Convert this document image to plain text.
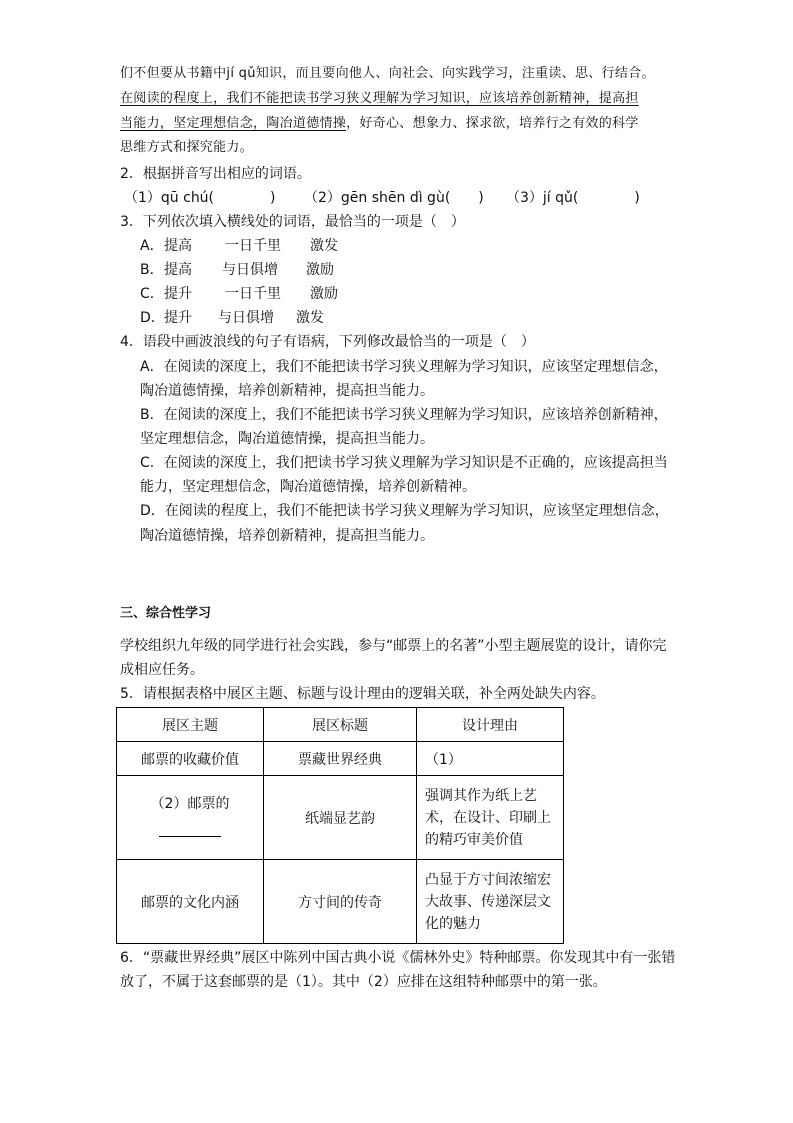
们不但要从书籍中jí qǔ知识，而且要向他人、向社会、向实践学习，注重读、思、行结合。
在阅读的程度上，我们不能把读书学习狭义理解为学习知识，应该培养创新精神，提高担
当能力，坚定理想信念，陶冶道德情操，好奇心、想象力、探求欲，培养行之有效的科学
思维方式和探究能力。
2．根据拼音写出相应的词语。
（1）qū chú(　　　　) （2）gēn shēn dì gù(　　) （3）jí qǔ(　　　　)
3．下列依次填入横线处的词语，最恰当的一项是（　）
A． 提高 一日千里 激发
B． 提高 与日俱增 激励
C． 提升 一日千里 激励
D． 提升 与日俱增 激发
4．语段中画波浪线的句子有语病，下列修改最恰当的一项是（　）
A．在阅读的深度上，我们不能把读书学习狭义理解为学习知识，应该坚定理想信念，
陶冶道德情操，培养创新精神，提高担当能力。
B．在阅读的深度上，我们不能把读书学习狭义理解为学习知识，应该培养创新精神，
坚定理想信念，陶冶道德情操，提高担当能力。
C．在阅读的深度上，我们把读书学习狭义理解为学习知识是不正确的，应该提高担当
能力，坚定理想信念，陶冶道德情操，培养创新精神。
D．在阅读的程度上，我们不能把读书学习狭义理解为学习知识，应该坚定理想信念，
陶冶道德情操，培养创新精神，提高担当能力。
三、综合性学习
学校组织九年级的同学进行社会实践，参与“邮票上的名著”小型主题展览的设计，请你完
成相应任务。
5．请根据表格中展区主题、标题与设计理由的逻辑关联，补全两处缺失内容。
展区主题	展区标题	设计理由
邮票的收藏价值	票藏世界经典	（1）

（2）邮票的	纸端显艺韵	强调其作为纸上艺
术，在设计、印刷上
的精巧审美价值

邮票的文化内涵	方寸间的传奇	凸显于方寸间浓缩宏
大故事、传递深层文
化的魅力
6．“票藏世界经典”展区中陈列中国古典小说《儒林外史》特种邮票。你发现其中有一张错
放了，不属于这套邮票的是（1）。其中（2）应排在这组特种邮票中的第一张。
